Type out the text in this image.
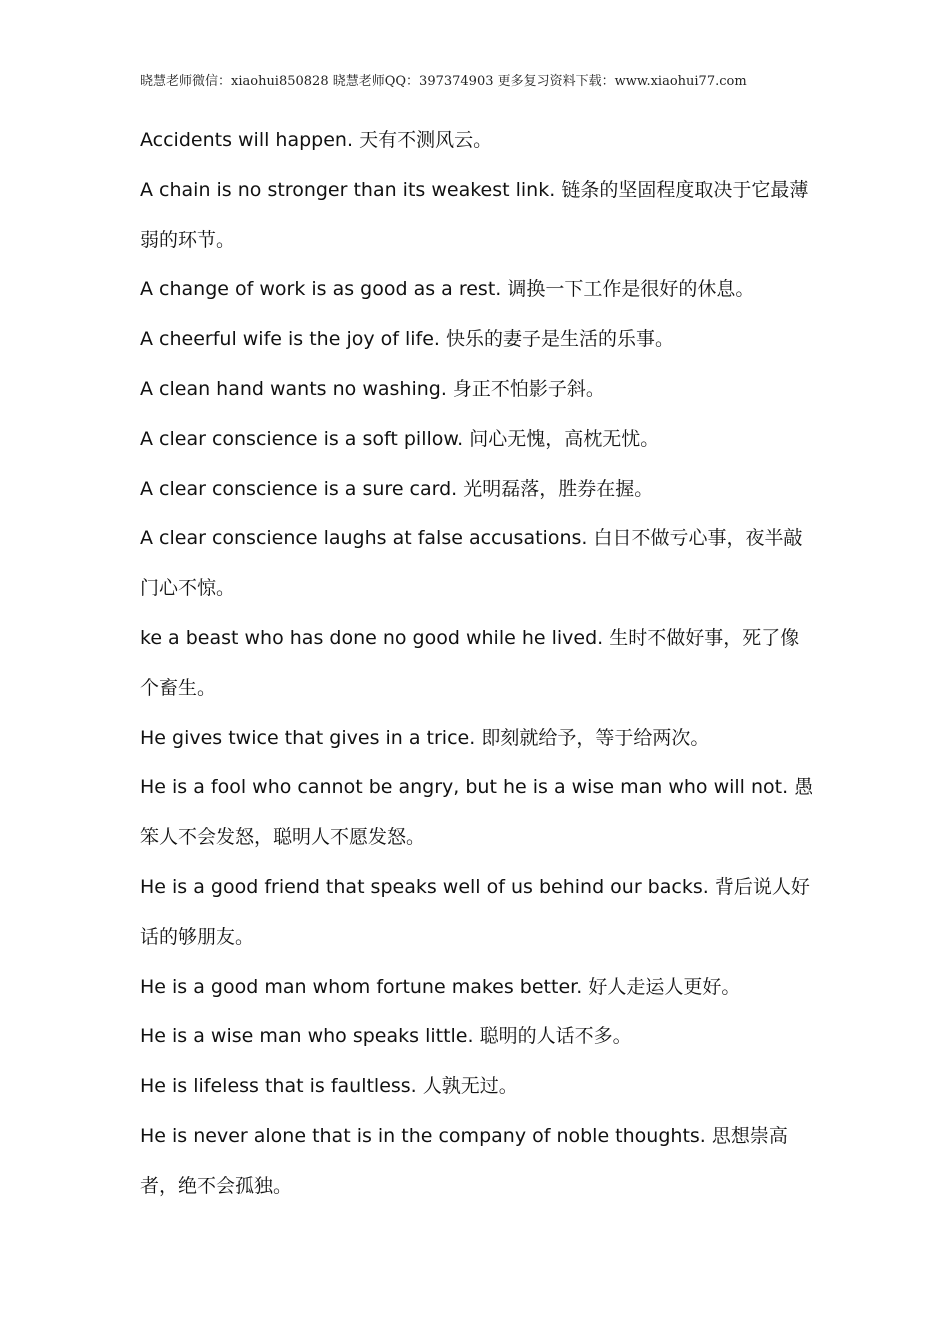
晓慧老师微信：xiaohui850828 晓慧老师QQ：397374903 更多复习资料下载：www.xiaohui77.com

Accidents will happen. 天有不测风云。

A chain is no stronger than its weakest link. 链条的坚固程度取决于它最薄弱的环节。

A change of work is as good as a rest. 调换一下工作是很好的休息。

A cheerful wife is the joy of life. 快乐的妻子是生活的乐事。

A clean hand wants no washing. 身正不怕影子斜。

A clear conscience is a soft pillow. 问心无愧，高枕无忧。

A clear conscience is a sure card. 光明磊落，胜券在握。

A clear conscience laughs at false accusations. 白日不做亏心事，夜半敲门心不惊。

ke a beast who has done no good while he lived. 生时不做好事，死了像个畜生。

He gives twice that gives in a trice. 即刻就给予，等于给两次。

He is a fool who cannot be angry, but he is a wise man who will not. 愚笨人不会发怒，聪明人不愿发怒。

He is a good friend that speaks well of us behind our backs. 背后说人好话的够朋友。

He is a good man whom fortune makes better. 好人走运人更好。

He is a wise man who speaks little. 聪明的人话不多。

He is lifeless that is faultless. 人孰无过。

He is never alone that is in the company of noble thoughts. 思想崇高者，绝不会孤独。
